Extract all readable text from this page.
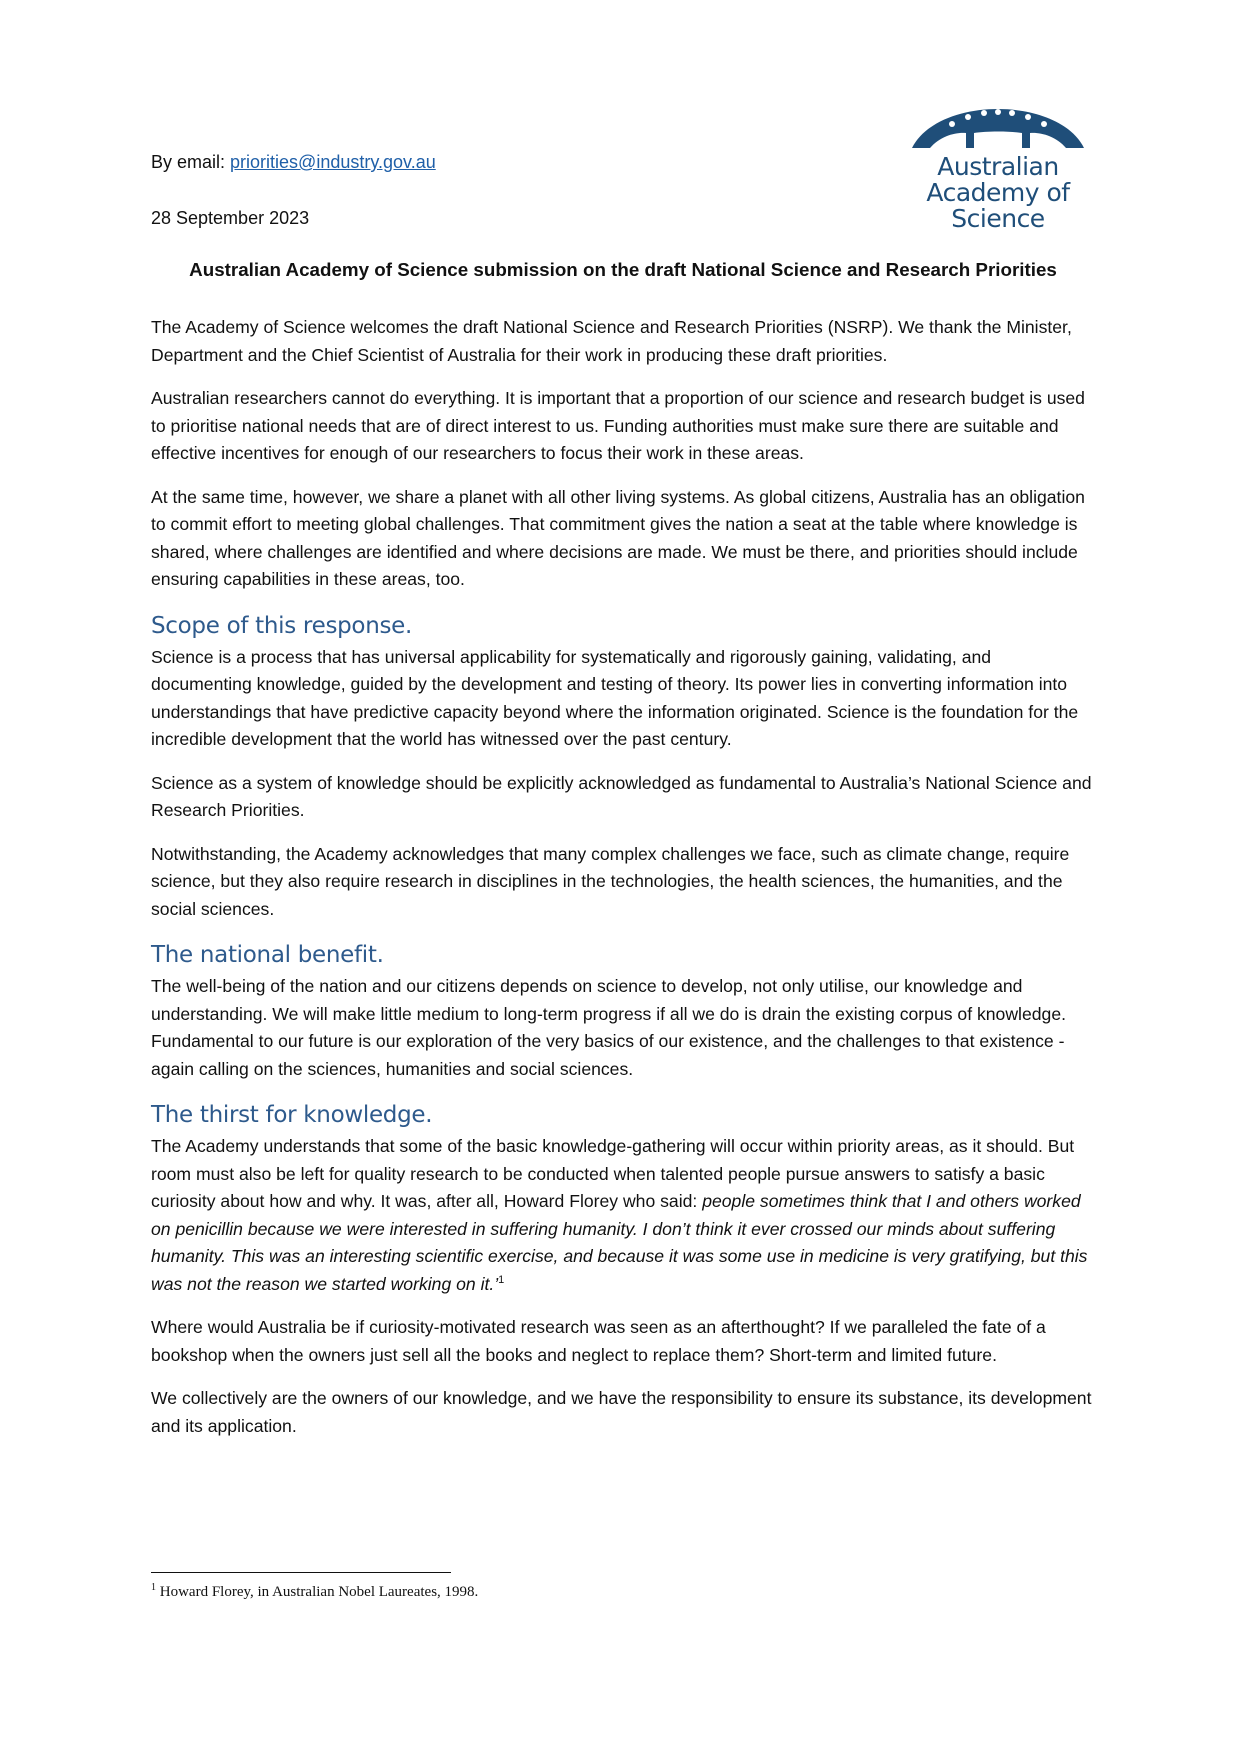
Australian
Academy of
Science
By email: priorities@industry.gov.au
28 September 2023
Australian Academy of Science submission on the draft National Science and Research Priorities

The Academy of Science welcomes the draft National Science and Research Priorities (NSRP). We thank the Minister, Department and the Chief Scientist of Australia for their work in producing these draft priorities.

Australian researchers cannot do everything. It is important that a proportion of our science and research budget is used to prioritise national needs that are of direct interest to us. Funding authorities must make sure there are suitable and effective incentives for enough of our researchers to focus their work in these areas.

At the same time, however, we share a planet with all other living systems. As global citizens, Australia has an obligation to commit effort to meeting global challenges. That commitment gives the nation a seat at the table where knowledge is shared, where challenges are identified and where decisions are made. We must be there, and priorities should include ensuring capabilities in these areas, too.

Scope of this response.

Science is a process that has universal applicability for systematically and rigorously gaining, validating, and documenting knowledge, guided by the development and testing of theory. Its power lies in converting information into understandings that have predictive capacity beyond where the information originated. Science is the foundation for the incredible development that the world has witnessed over the past century.

Science as a system of knowledge should be explicitly acknowledged as fundamental to Australia’s National Science and Research Priorities.

Notwithstanding, the Academy acknowledges that many complex challenges we face, such as climate change, require science, but they also require research in disciplines in the technologies, the health sciences, the humanities, and the social sciences.

The national benefit.

The well-being of the nation and our citizens depends on science to develop, not only utilise, our knowledge and understanding. We will make little medium to long-term progress if all we do is drain the existing corpus of knowledge. Fundamental to our future is our exploration of the very basics of our existence, and the challenges to that existence - again calling on the sciences, humanities and social sciences.

The thirst for knowledge.

The Academy understands that some of the basic knowledge-gathering will occur within priority areas, as it should. But room must also be left for quality research to be conducted when talented people pursue answers to satisfy a basic curiosity about how and why. It was, after all, Howard Florey who said: people sometimes think that I and others worked on penicillin because we were interested in suffering humanity. I don’t think it ever crossed our minds about suffering humanity. This was an interesting scientific exercise, and because it was some use in medicine is very gratifying, but this was not the reason we started working on it.’$^1$

Where would Australia be if curiosity-motivated research was seen as an afterthought? If we paralleled the fate of a bookshop when the owners just sell all the books and neglect to replace them? Short-term and limited future.

We collectively are the owners of our knowledge, and we have the responsibility to ensure its substance, its development and its application.

$^1$ Howard Florey, in Australian Nobel Laureates, 1998.
